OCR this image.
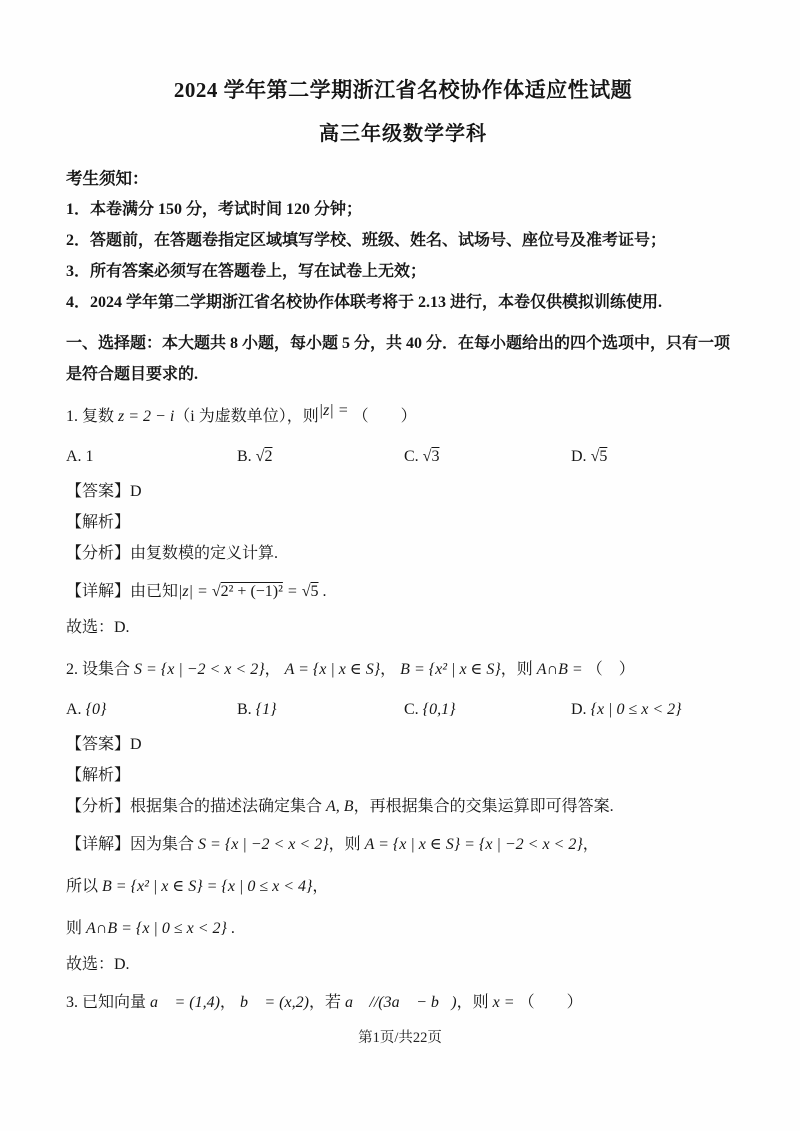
2024 学年第二学期浙江省名校协作体适应性试题

高三年级数学学科

考生须知：

1．本卷满分 150 分，考试时间 120 分钟；

2．答题前，在答题卷指定区域填写学校、班级、姓名、试场号、座位号及准考证号；

3．所有答案必须写在答题卷上，写在试卷上无效；

4．2024 学年第二学期浙江省名校协作体联考将于 2.13 进行，本卷仅供模拟训练使用.

一、选择题：本大题共 8 小题，每小题 5 分，共 40 分．在每小题给出的四个选项中，只有一项是符合题目要求的.

1. 复数 z = 2 − i（i 为虚数单位），则|z| = （　　）

A. 1	B. √2	C. √3	D. √5

【答案】D

【解析】

【分析】由复数模的定义计算.

【详解】由已知|z| = √2² + (−1)² = √5 .

故选：D.

2. 设集合 S = {x | −2 < x < 2}， A = {x | x ∈ S}， B = {x² | x ∈ S}，则 A∩B = （　）

A. {0}	B. {1}	C. {0,1}	D. {x | 0 ≤ x < 2}

【答案】D

【解析】

【分析】根据集合的描述法确定集合 A, B，再根据集合的交集运算即可得答案.

【详解】因为集合 S = {x | −2 < x < 2}，则 A = {x | x ∈ S} = {x | −2 < x < 2}，

所以 B = {x² | x ∈ S} = {x | 0 ≤ x < 4}，

则 A∩B = {x | 0 ≤ x < 2} .

故选：D.

3. 已知向量 a⃗ = (1,4)， b⃗ = (x,2)，若 a⃗ //(3a⃗ − b⃗)，则 x = （　　）

第1页/共22页
